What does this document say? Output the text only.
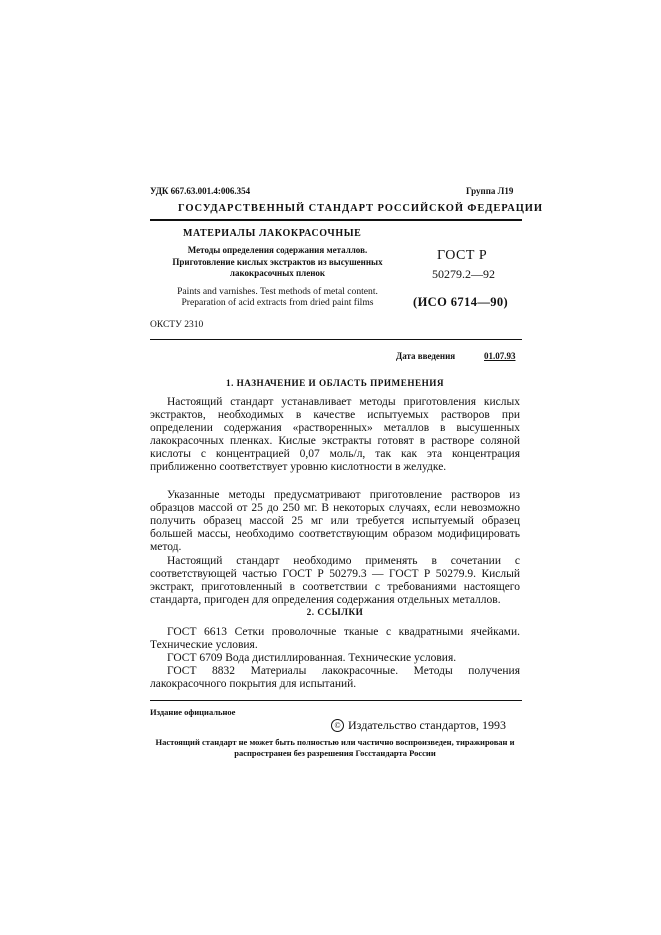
УДК 667.63.001.4:006.354	Группа Л19
ГОСУДАРСТВЕННЫЙ СТАНДАРТ РОССИЙСКОЙ ФЕДЕРАЦИИ
МАТЕРИАЛЫ ЛАКОКРАСОЧНЫЕ
Методы определения содержания металлов. Приготовление кислых экстрактов из высушенных лакокрасочных пленок
Paints and varnishes. Test methods of metal content. Preparation of acid extracts from dried paint films
ГОСТ Р
50279.2—92
(ИСО 6714—90)
ОКСТУ 2310
Дата введения	01.07.93
1. НАЗНАЧЕНИЕ И ОБЛАСТЬ ПРИМЕНЕНИЯ
Настоящий стандарт устанавливает методы приготовления кислых экстрактов, необходимых в качестве испытуемых растворов при определении содержания «растворенных» металлов в высушенных лакокрасочных пленках. Кислые экстракты готовят в растворе соляной кислоты с концентрацией 0,07 моль/л, так как эта концентрация приближенно соответствует уровню кислотности в желудке.
Указанные методы предусматривают приготовление растворов из образцов массой от 25 до 250 мг. В некоторых случаях, если невозможно получить образец массой 25 мг или требуется испытуемый образец большей массы, необходимо соответствующим образом модифицировать метод.
Настоящий стандарт необходимо применять в сочетании с соответствующей частью ГОСТ Р 50279.3 — ГОСТ Р 50279.9. Кислый экстракт, приготовленный в соответствии с требованиями настоящего стандарта, пригоден для определения содержания отдельных металлов.
2. ССЫЛКИ
ГОСТ 6613 Сетки проволочные тканые с квадратными ячейками. Технические условия.
ГОСТ 6709 Вода дистиллированная. Технические условия.
ГОСТ 8832 Материалы лакокрасочные. Методы получения лакокрасочного покрытия для испытаний.
Издание официальное
© Издательство стандартов, 1993
Настоящий стандарт не может быть полностью или частично воспроизведен, тиражирован и распространен без разрешения Госстандарта России
